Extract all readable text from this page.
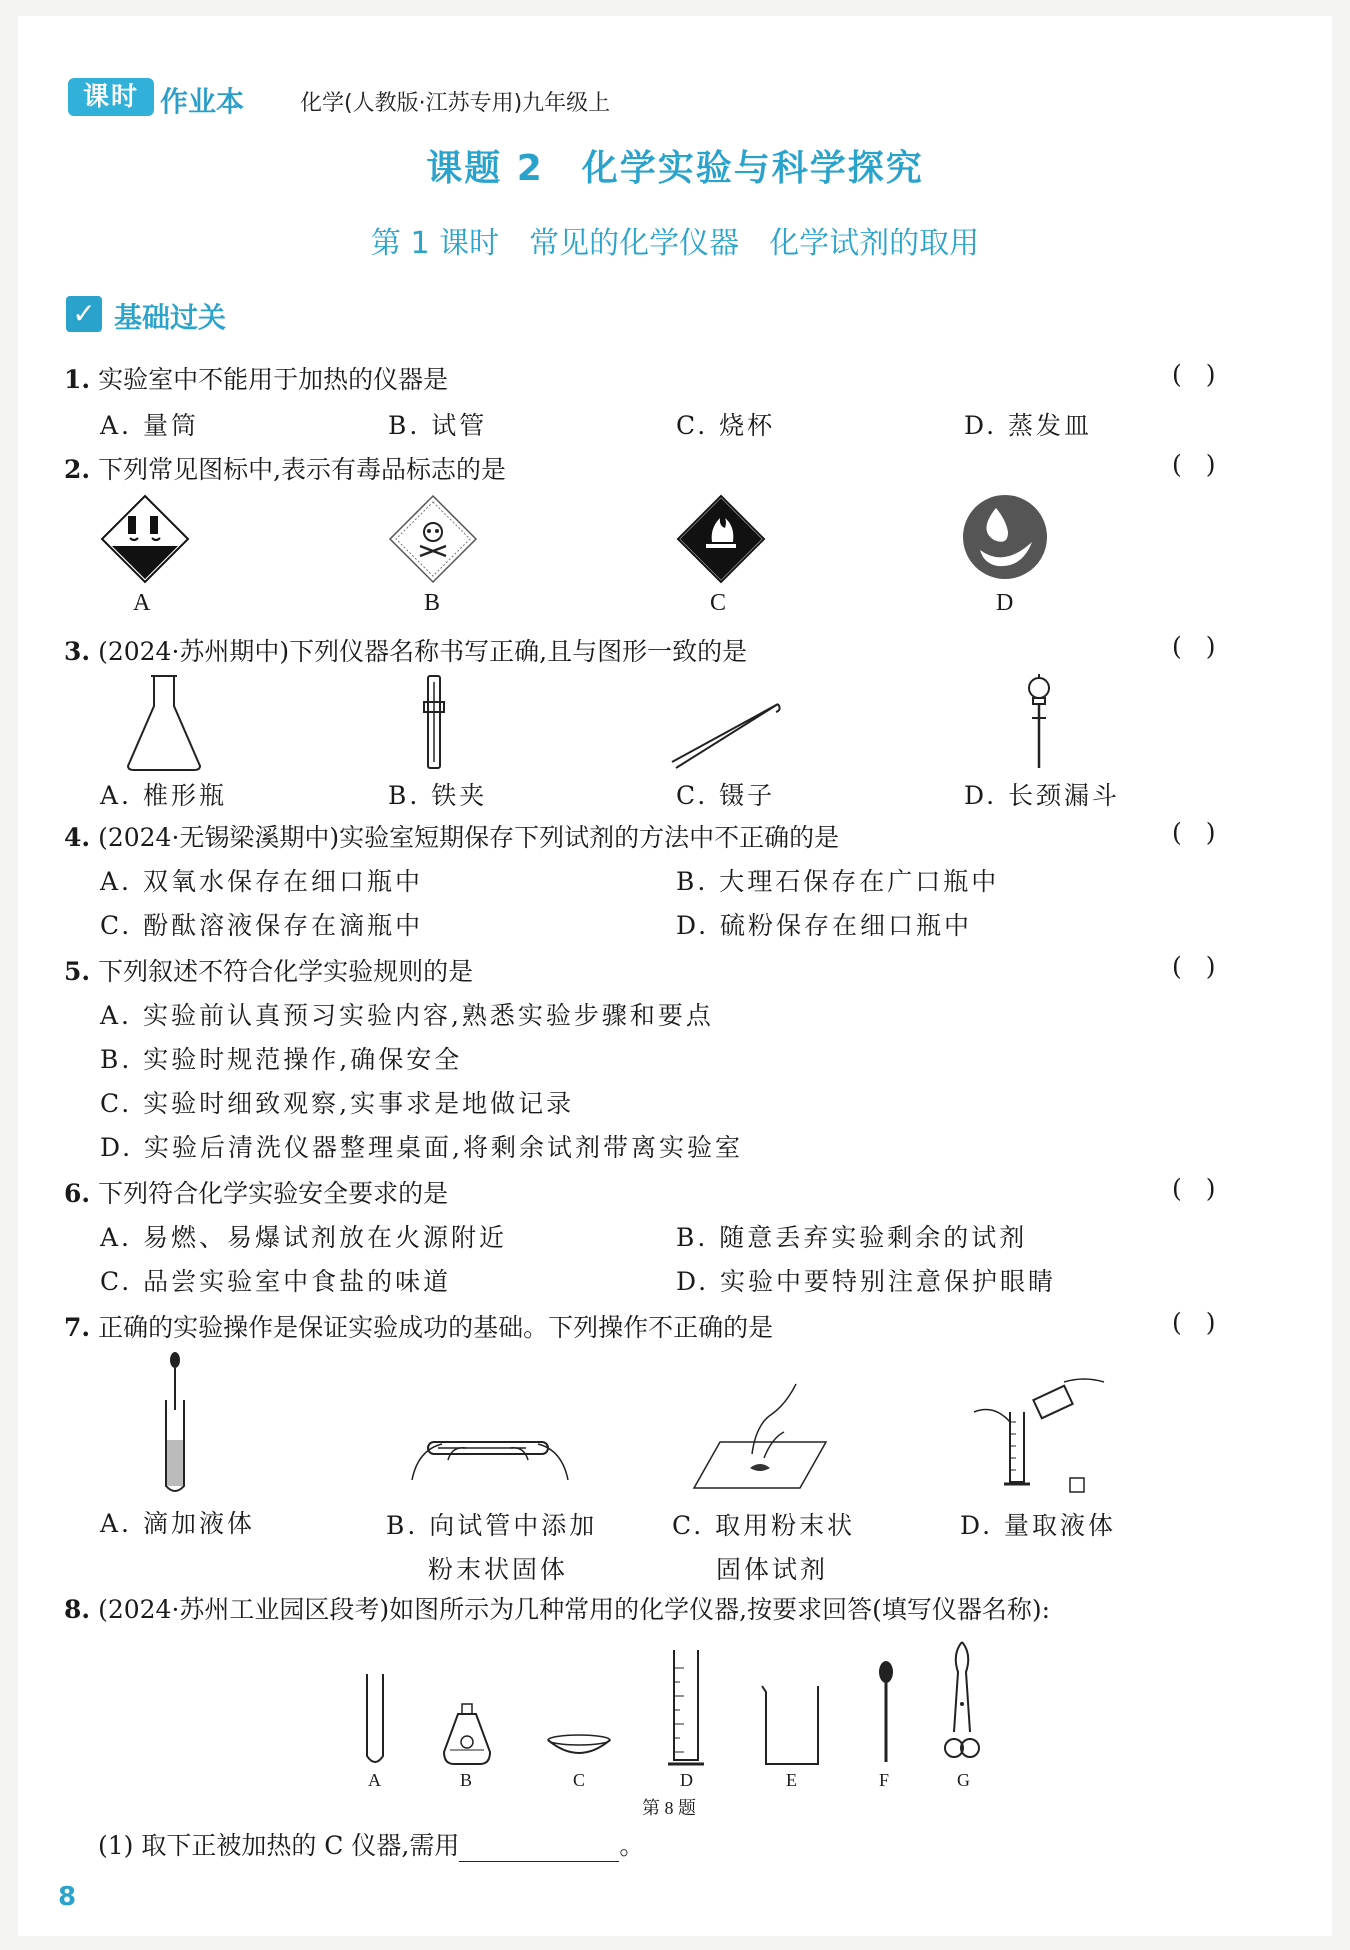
课时 作业本	化学(人教版·江苏专用)九年级上
课题 2　化学实验与科学探究
第 1 课时　常见的化学仪器　化学试剂的取用
✓ 基础过关
1. 实验室中不能用于加热的仪器是	( )
A. 量筒	B. 试管	C. 烧杯	D. 蒸发皿
2. 下列常见图标中,表示有毒品标志的是	( )
A	B	C	D
3. (2024·苏州期中)下列仪器名称书写正确,且与图形一致的是	( )
A. 椎形瓶	B. 铁夹	C. 镊子	D. 长颈漏斗
4. (2024·无锡梁溪期中)实验室短期保存下列试剂的方法中不正确的是	( )
A. 双氧水保存在细口瓶中	B. 大理石保存在广口瓶中
C. 酚酞溶液保存在滴瓶中	D. 硫粉保存在细口瓶中
5. 下列叙述不符合化学实验规则的是	( )
A. 实验前认真预习实验内容,熟悉实验步骤和要点
B. 实验时规范操作,确保安全
C. 实验时细致观察,实事求是地做记录
D. 实验后清洗仪器整理桌面,将剩余试剂带离实验室
6. 下列符合化学实验安全要求的是	( )
A. 易燃、易爆试剂放在火源附近	B. 随意丢弃实验剩余的试剂
C. 品尝实验室中食盐的味道	D. 实验中要特别注意保护眼睛
7. 正确的实验操作是保证实验成功的基础。下列操作不正确的是	( )
A. 滴加液体	B. 向试管中添加
粉末状固体
C. 取用粉末状
固体试剂
D. 量取液体
8. (2024·苏州工业园区段考)如图所示为几种常用的化学仪器,按要求回答(填写仪器名称):
A	B	C	D	E	F	G
第 8 题
(1) 取下正被加热的 C 仪器,需用	。
8
